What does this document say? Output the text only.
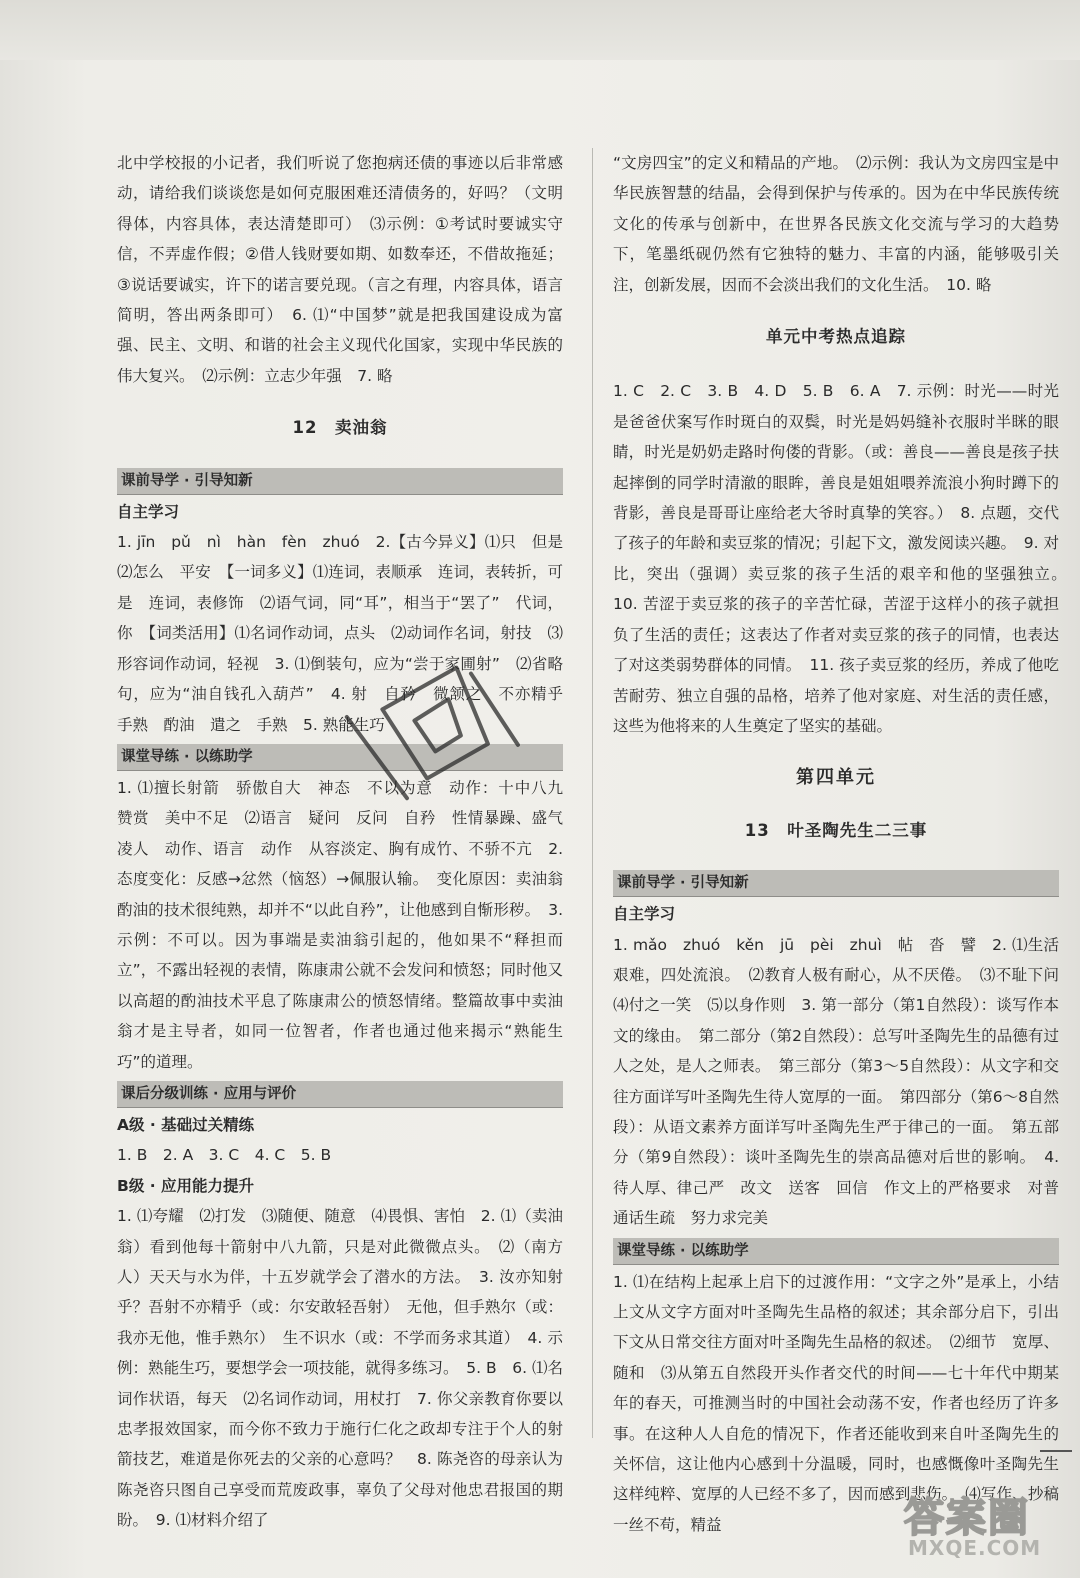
北中学校报的小记者，我们听说了您抱病还债的事迹以后非常感动，请给我们谈谈您是如何克服困难还清债务的，好吗？（文明得体，内容具体，表达清楚即可）　⑶示例：①考试时要诚实守信，不弄虚作假；②借人钱财要如期、如数奉还，不借故拖延；③说话要诚实，许下的诺言要兑现。（言之有理，内容具体，语言简明，答出两条即可）　6. ⑴“中国梦”就是把我国建设成为富强、民主、文明、和谐的社会主义现代化国家，实现中华民族的伟大复兴。　⑵示例：立志少年强　7. 略

12　卖油翁
课前导学 · 引导知新
自主学习

1. jīn　pǔ　nì　hàn　fèn　zhuó　2.【古今异义】⑴只　但是　⑵怎么　平安　【一词多义】⑴连词，表顺承　连词，表转折，可是　连词，表修饰　⑵语气词，同“耳”，相当于“罢了”　代词，你　【词类活用】⑴名词作动词，点头　⑵动词作名词，射技　⑶形容词作动词，轻视　3. ⑴倒装句，应为“尝于家圃射”　⑵省略句，应为“油自钱孔入葫芦”　4. 射　自矜　微颔之　不亦精乎　手熟　酌油　遣之　手熟　5. 熟能生巧

课堂导练 · 以练助学

1. ⑴擅长射箭　骄傲自大　神态　不以为意　动作：十中八九　赞赏　美中不足　⑵语言　疑问　反问　自矜　性情暴躁、盛气凌人　动作、语言　动作　从容淡定、胸有成竹、不骄不亢　2. 态度变化：反感→忿然（恼怒）→佩服认输。　变化原因：卖油翁酌油的技术很纯熟，却并不“以此自矜”，让他感到自惭形秽。　3. 示例：不可以。因为事端是卖油翁引起的，他如果不“释担而立”，不露出轻视的表情，陈康肃公就不会发问和愤怒；同时他又以高超的酌油技术平息了陈康肃公的愤怒情绪。整篇故事中卖油翁才是主导者，如同一位智者，作者也通过他来揭示“熟能生巧”的道理。

课后分级训练 · 应用与评价
A级 · 基础过关精练

1. B　2. A　3. C　4. C　5. B

B级 · 应用能力提升

1. ⑴夸耀　⑵打发　⑶随便、随意　⑷畏惧、害怕　2. ⑴（卖油翁）看到他每十箭射中八九箭，只是对此微微点头。　⑵（南方人）天天与水为伴，十五岁就学会了潜水的方法。　3. 汝亦知射乎？吾射不亦精乎（或：尔安敢轻吾射）　无他，但手熟尔（或：我亦无他，惟手熟尔）　生不识水（或：不学而务求其道）　4. 示例：熟能生巧，要想学会一项技能，就得多练习。　5. B　6. ⑴名词作状语，每天　⑵名词作动词，用杖打　7. 你父亲教育你要以忠孝报效国家，而今你不致力于施行仁化之政却专注于个人的射箭技艺，难道是你死去的父亲的心意吗？　8. 陈尧咨的母亲认为陈尧咨只图自己享受而荒废政事，辜负了父母对他忠君报国的期盼。　9. ⑴材料介绍了

“文房四宝”的定义和精品的产地。　⑵示例：我认为文房四宝是中华民族智慧的结晶，会得到保护与传承的。因为在中华民族传统文化的传承与创新中，在世界各民族文化交流与学习的大趋势下，笔墨纸砚仍然有它独特的魅力、丰富的内涵，能够吸引关注，创新发展，因而不会淡出我们的文化生活。　10. 略

单元中考热点追踪

1. C　2. C　3. B　4. D　5. B　6. A　7. 示例：时光——时光是爸爸伏案写作时斑白的双鬓，时光是妈妈缝补衣服时半眯的眼睛，时光是奶奶走路时佝偻的背影。（或：善良——善良是孩子扶起摔倒的同学时清澈的眼眸，善良是姐姐喂养流浪小狗时蹲下的背影，善良是哥哥让座给老大爷时真挚的笑容。）　8. 点题，交代了孩子的年龄和卖豆浆的情况；引起下文，激发阅读兴趣。　9. 对比，突出（强调）卖豆浆的孩子生活的艰辛和他的坚强独立。　10. 苦涩于卖豆浆的孩子的辛苦忙碌，苦涩于这样小的孩子就担负了生活的责任；这表达了作者对卖豆浆的孩子的同情，也表达了对这类弱势群体的同情。　11. 孩子卖豆浆的经历，养成了他吃苦耐劳、独立自强的品格，培养了他对家庭、对生活的责任感，这些为他将来的人生奠定了坚实的基础。

第四单元
13　叶圣陶先生二三事
课前导学 · 引导知新
自主学习

1. mǎo　zhuó　kěn　jū　pèi　zhuì　帖　沓　譬　2. ⑴生活艰难，四处流浪。　⑵教育人极有耐心，从不厌倦。　⑶不耻下问　⑷付之一笑　⑸以身作则　3. 第一部分（第1自然段）：谈写作本文的缘由。　第二部分（第2自然段）：总写叶圣陶先生的品德有过人之处，是人之师表。　第三部分（第3～5自然段）：从文字和交往方面详写叶圣陶先生待人宽厚的一面。　第四部分（第6～8自然段）：从语文素养方面详写叶圣陶先生严于律己的一面。　第五部分（第9自然段）：谈叶圣陶先生的崇高品德对后世的影响。　4. 待人厚、律己严　改文　送客　回信　作文上的严格要求　对普通话生疏　努力求完美

课堂导练 · 以练助学

1. ⑴在结构上起承上启下的过渡作用：“文字之外”是承上，小结上文从文字方面对叶圣陶先生品格的叙述；其余部分启下，引出下文从日常交往方面对叶圣陶先生品格的叙述。　⑵细节　宽厚、随和　⑶从第五自然段开头作者交代的时间——七十年代中期某年的春天，可推测当时的中国社会动荡不安，作者也经历了许多事。在这种人人自危的情况下，作者还能收到来自叶圣陶先生的关怀信，这让他内心感到十分温暖，同时，也感慨像叶圣陶先生这样纯粹、宽厚的人已经不多了，因而感到悲伤。　⑷写作、抄稿　一丝不苟，精益	答案圈
MXQE.COM
